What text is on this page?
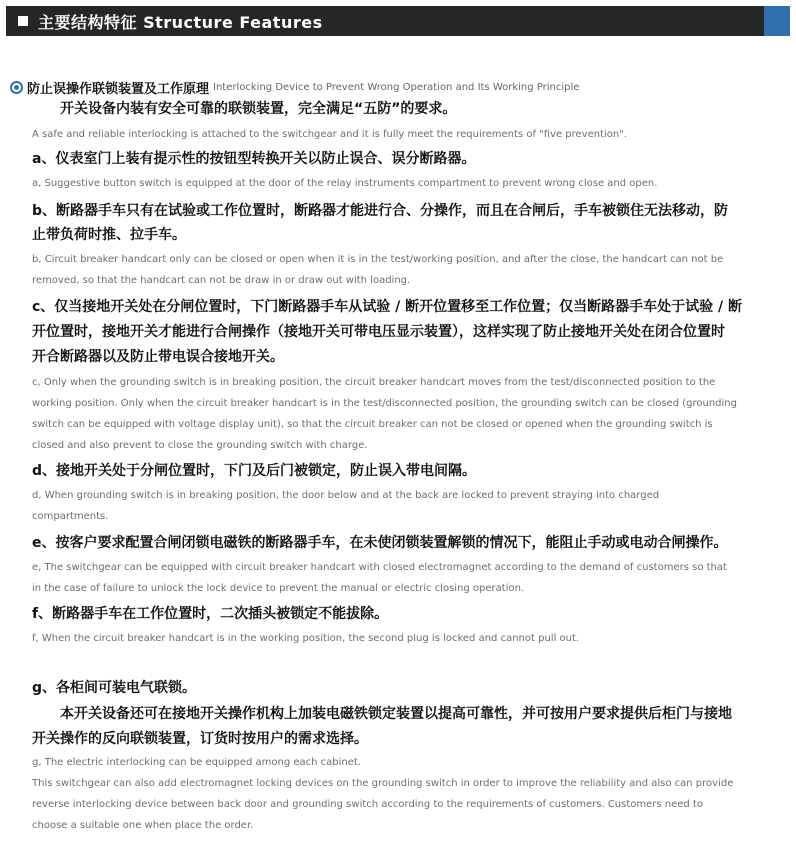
主要结构特征 Structure Features
防止误操作联锁装置及工作原理 Interlocking Device to Prevent Wrong Operation and Its Working Principle
开关设备内装有安全可靠的联锁装置，完全满足“五防”的要求。
A safe and reliable interlocking is attached to the switchgear and it is fully meet the requirements of "five prevention".
a、仪表室门上装有提示性的按钮型转换开关以防止误合、误分断路器。
a, Suggestive button switch is equipped at the door of the relay instruments compartment to prevent wrong close and open.
b、断路器手车只有在试验或工作位置时，断路器才能进行合、分操作，而且在合闸后，手车被锁住无法移动，防
止带负荷时推、拉手车。
b, Circuit breaker handcart only can be closed or open when it is in the test/working position, and after the close, the handcart can not be
removed, so that the handcart can not be draw in or draw out with loading.
c、仅当接地开关处在分闸位置时，下门断路器手车从试验 / 断开位置移至工作位置；仅当断路器手车处于试验 / 断
开位置时，接地开关才能进行合闸操作（接地开关可带电压显示装置），这样实现了防止接地开关处在闭合位置时
开合断路器以及防止带电误合接地开关。
c, Only when the grounding switch is in breaking position, the circuit breaker handcart moves from the test/disconnected position to the
working position. Only when the circuit breaker handcart is in the test/disconnected position, the grounding switch can be closed (grounding
switch can be equipped with voltage display unit), so that the circuit breaker can not be closed or opened when the grounding switch is
closed and also prevent to close the grounding switch with charge.
d、接地开关处于分闸位置时，下门及后门被锁定，防止误入带电间隔。
d, When grounding switch is in breaking position, the door below and at the back are locked to prevent straying into charged
compartments.
e、按客户要求配置合闸闭锁电磁铁的断路器手车，在未使闭锁装置解锁的情况下，能阻止手动或电动合闸操作。
e, The switchgear can be equipped with circuit breaker handcart with closed electromagnet according to the demand of customers so that
in the case of failure to unlock the lock device to prevent the manual or electric closing operation.
f、断路器手车在工作位置时，二次插头被锁定不能拔除。
f, When the circuit breaker handcart is in the working position, the second plug is locked and cannot pull out.
g、各柜间可装电气联锁。
本开关设备还可在接地开关操作机构上加装电磁铁锁定装置以提高可靠性，并可按用户要求提供后柜门与接地
开关操作的反向联锁装置，订货时按用户的需求选择。
g, The electric interlocking can be equipped among each cabinet.
This switchgear can also add electromagnet locking devices on the grounding switch in order to improve the reliability and also can provide
reverse interlocking device between back door and grounding switch according to the requirements of customers. Customers need to
choose a suitable one when place the order.
